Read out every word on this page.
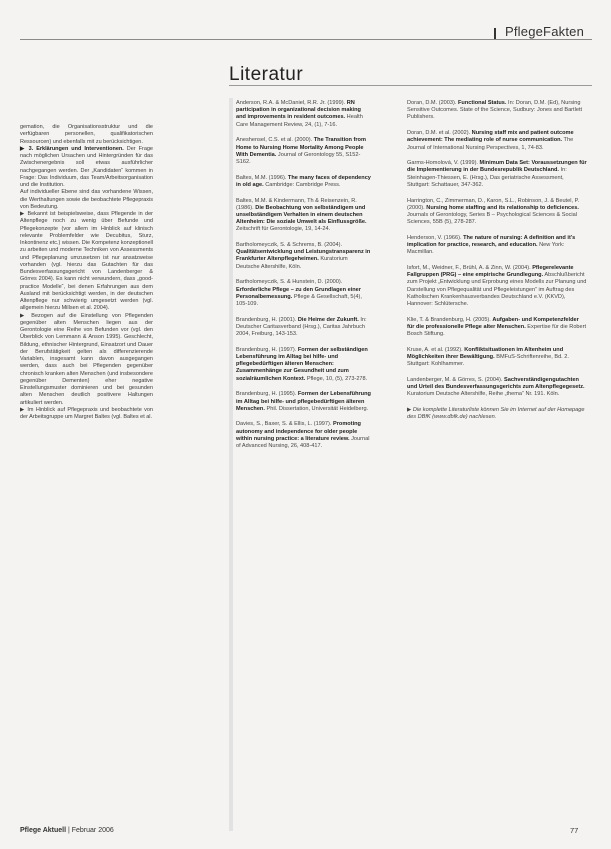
PflegeFakten
Literatur

gemation, die Organisationsstruktur und die verfügbaren personellen, qualifikatorischen Ressourcen) und ebenfalls mit zu berücksichtigen.

▶ 3. Erklärungen und Interventionen. Der Frage nach möglichen Ursachen und Hintergründen für das Zwischenergebnis soll etwas ausführlicher nachgegangen werden. Der „Kandidaten“ kommen in Frage: Das Individuum, das Team/Arbeitsorganisation und die Institution.

Auf individueller Ebene sind das vorhandene Wissen, die Werthaltungen sowie die beobachtete Pflegepraxis von Bedeutung.

▶ Bekannt ist beispielsweise, dass Pflegende in der Altenpflege noch zu wenig über Befunde und Pflegekonzepte (vor allem im Hinblick auf klinisch relevante Problemfelder wie Decubitus, Sturz, Inkontinenz etc.) wissen. Die Kompetenz konzeptionell zu arbeiten und moderne Techniken von Assessments und Pflegeplanung umzusetzen ist nur ansatzweise vorhanden (vgl. hierzu das Gutachten für das Bundesverfassungsgericht von Landenberger & Görres 2004). Es kann nicht verwundern, dass „good-practice Modelle“, bei denen Erfahrungen aus dem Ausland mit berücksichtigt werden, in der deutschen Altenpflege nur schwierig umgesetzt werden (vgl. allgemein hierzu Millsen et al. 2004).

▶ Bezogen auf die Einstellung von Pflegenden gegenüber alten Menschen liegen aus der Gerontologie eine Reihe von Befunden vor (vgl. den Überblick von Lemmann & Anson 1995). Geschlecht, Bildung, ethnischer Hintergrund, Einsatzort und Dauer der Berufstätigkeit gelten als differenzierende Variablen, insgesamt kann davon ausgegangen werden, dass auch bei Pflegenden gegenüber chronisch kranken alten Menschen (und insbesondere gegenüber Dementen) eher negative Einstellungsmuster dominieren und bei gesunden alten Menschen deutlich positivere Haltungen artikuliert werden.

▶ Im Hinblick auf Pflegepraxis und beobachtete von der Arbeitsgruppe um Margret Baltes (vgl. Baltes et al.

Anderson, R.A. & McDaniel, R.R. Jr. (1999). RN participation in organizational decision making and improvements in resident outcomes. Health Care Management Review, 24, (1), 7-16.
Aneshensel, C.S. et al. (2000). The Transition from Home to Nursing Home Mortality Among People With Dementia. Journal of Gerontology 55, S152-S162.
Baltes, M.M. (1996). The many faces of dependency in old age. Cambridge: Cambridge Press.
Baltes, M.M. & Kindermann, Th & Reisenzein, R. (1986). Die Beobachtung von selbständigem und unselbständigem Verhalten in einem deutschen Altenheim: Die soziale Umwelt als Einflussgröße. Zeitschrift für Gerontologie, 19, 14-24.
Bartholomeyczik, S. & Schrems, B. (2004). Qualitätsentwicklung und Leistungstransparenz in Frankfurter Altenpflegeheimen. Kuratorium Deutsche Altershilfe, Köln.
Bartholomeyczik, S. & Hunstein, D. (2000). Erforderliche Pflege – zu den Grundlagen einer Personalbemessung. Pflege & Gesellschaft, 5(4), 105-109.
Brandenburg, H. (2001). Die Heime der Zukunft. In: Deutscher Caritasverband (Hrsg.), Caritas Jahrbuch 2004, Freiburg, 143-153.
Brandenburg, H. (1997). Formen der selbständigen Lebensführung im Alltag bei hilfe- und pflegebedürftigen älteren Menschen: Zusammenhänge zur Gesundheit und zum sozialräumlichen Kontext. Pflege, 10, (5), 273-278.
Brandenburg, H. (1995). Formen der Lebensführung im Alltag bei hilfe- und pflegebedürftigen älteren Menschen. Phil. Dissertation, Universität Heidelberg.
Davies, S., Baxer, S. & Ellis, L. (1997). Promoting autonomy and independence for older people within nursing practice: a literature review. Journal of Advanced Nursing, 26, 408-417.
Doran, D.M. (2003). Functional Status. In: Doran, D.M. (Ed), Nursing Sensitive Outcomes. State of the Science, Sudbury: Jones and Bartlett Publishers.
Doran, D.M. et al. (2002). Nursing staff mix and patient outcome achievement: The mediating role of nurse communication. The Journal of International Nursing Perspectives, 1, 74-83.
Garms-Homolová, V. (1999). Minimum Data Set: Voraussetzungen für die Implementierung in der Bundesrepublik Deutschland. In: Steinhagen-Thiessen, E. (Hrsg.), Das geriatrische Assessment, Stuttgart: Schattauer, 347-362.
Harrington, C., Zimmerman, D., Karon, S.L., Robinson, J. & Beutel, P. (2000). Nursing home staffing and its relationship to deficiences. Journals of Gerontology, Series B – Psychological Sciences & Social Sciences, 55B (5), 278-287.
Henderson, V. (1966). The nature of nursing: A definition and it’s implication for practice, research, and education. New York: Macmillan.
Isfort, M., Weidner, F., Brühl, A. & Zinn, W. (2004). Pflegerelevante Fallgruppen (PRG) – eine empirische Grundlegung. Abschlußbericht zum Projekt „Entwicklung und Erprobung eines Modells zur Planung und Darstellung von Pflegequalität und Pflegeleistungen“ im Auftrag des Katholischen Krankenhausverbandes Deutschland e.V. (KKVD), Hannover: Schlütersche.
Klie, T. & Brandenburg, H. (2005). Aufgaben- und Kompetenzfelder für die professionelle Pflege alter Menschen. Expertise für die Robert Bosch Stiftung.
Kruse, A. et al. (1992). Konfliktsituationen im Altenheim und Möglichkeiten ihrer Bewältigung. BMFuS-Schriftenreihe, Bd. 2. Stuttgart: Kohlhammer.
Landenberger, M. & Görres, S. (2004). Sachverständigengutachten und Urteil des Bundesverfassungsgerichts zum Altenpflegegesetz. Kuratorium Deutsche Altershilfe, Reihe „thema“ Nr. 191. Köln.
▶ Die komplette Literaturliste können Sie im Internet auf der Homepage des DBfK (www.dbfk.de) nachlesen.
Pflege Aktuell | Februar 2006	77
